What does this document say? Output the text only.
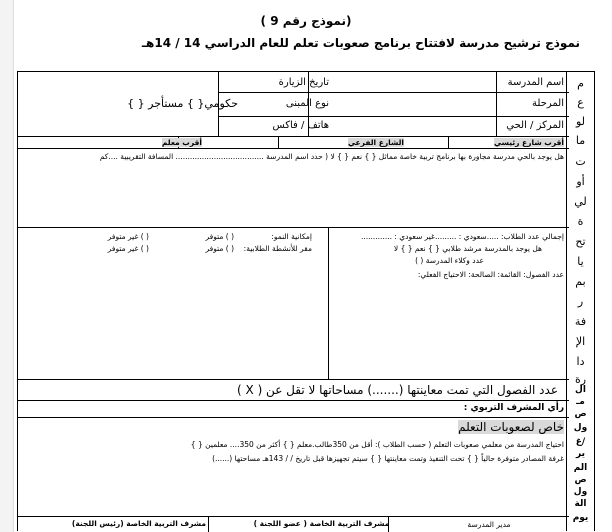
( نموذج رقم 9)
نموذج ترشيح مدرسة لافتتاح برنامج صعوبات تعلم للعام الدراسي 14 / 14هـ
م
ع
لو
ما
ت
أو
لي
ة
تح
يا
بم
ر
فة
الإ
دا
رة
ال
مـ
ص
ول
/غ
ير
الم
ص
ول
الة
يوم
اسم المدرسة
تاريخ الزيارة
المرحلة
نوع المبنى
حكومي{ } مستأجر { }
المركز / الحي
هاتف / فاكس
أقرب شارع رئيسي
الشارع الفرعي
أقرب معلم
هل يوجد بالحي مدرسة مجاورة بها برنامج تربية خاصة مماثل { } نعم { } لا ( حدد اسم المدرسة ..................................... المسافة التقريبية ....كم
إجمالي عدد الطلاب: .....سعودي : .........غير سعودي : .............
هل يوجد بالمدرسة مرشد طلابي { } نعم { } لا
عدد وكلاء المدرسة ( )
عدد الفصول: القائمة: الصالحة: الاحتياج الفعلي:
إمكانية النمو:
مقر للأنشطة الطلابية:
( ) متوفر
( ) متوفر
( ) غير متوفر
( ) غير متوفر
عدد الفصول التي تمت معاينتها (.......) مساحاتها لا تقل عن ( X )
رأي المشرف التربوي :
خاص لصعوبات التعلم
احتياج المدرسة من معلمي صعوبات التعلم ( حسب الطلاب ): أقل من 350طالب.معلم { } أكثر من 350.... معلمين { }
غرفة المصادر متوفرة حالياً { } تحت التنفيذ وتمت معاينتها { } سيتم تجهيزها قبل تاريخ / / 143هـ مساحتها (......)
مدير المدرسة
مشرف التربية الخاصة ( عضو اللجنة )
مشرف التربية الخاصة (رئيس اللجنة)
